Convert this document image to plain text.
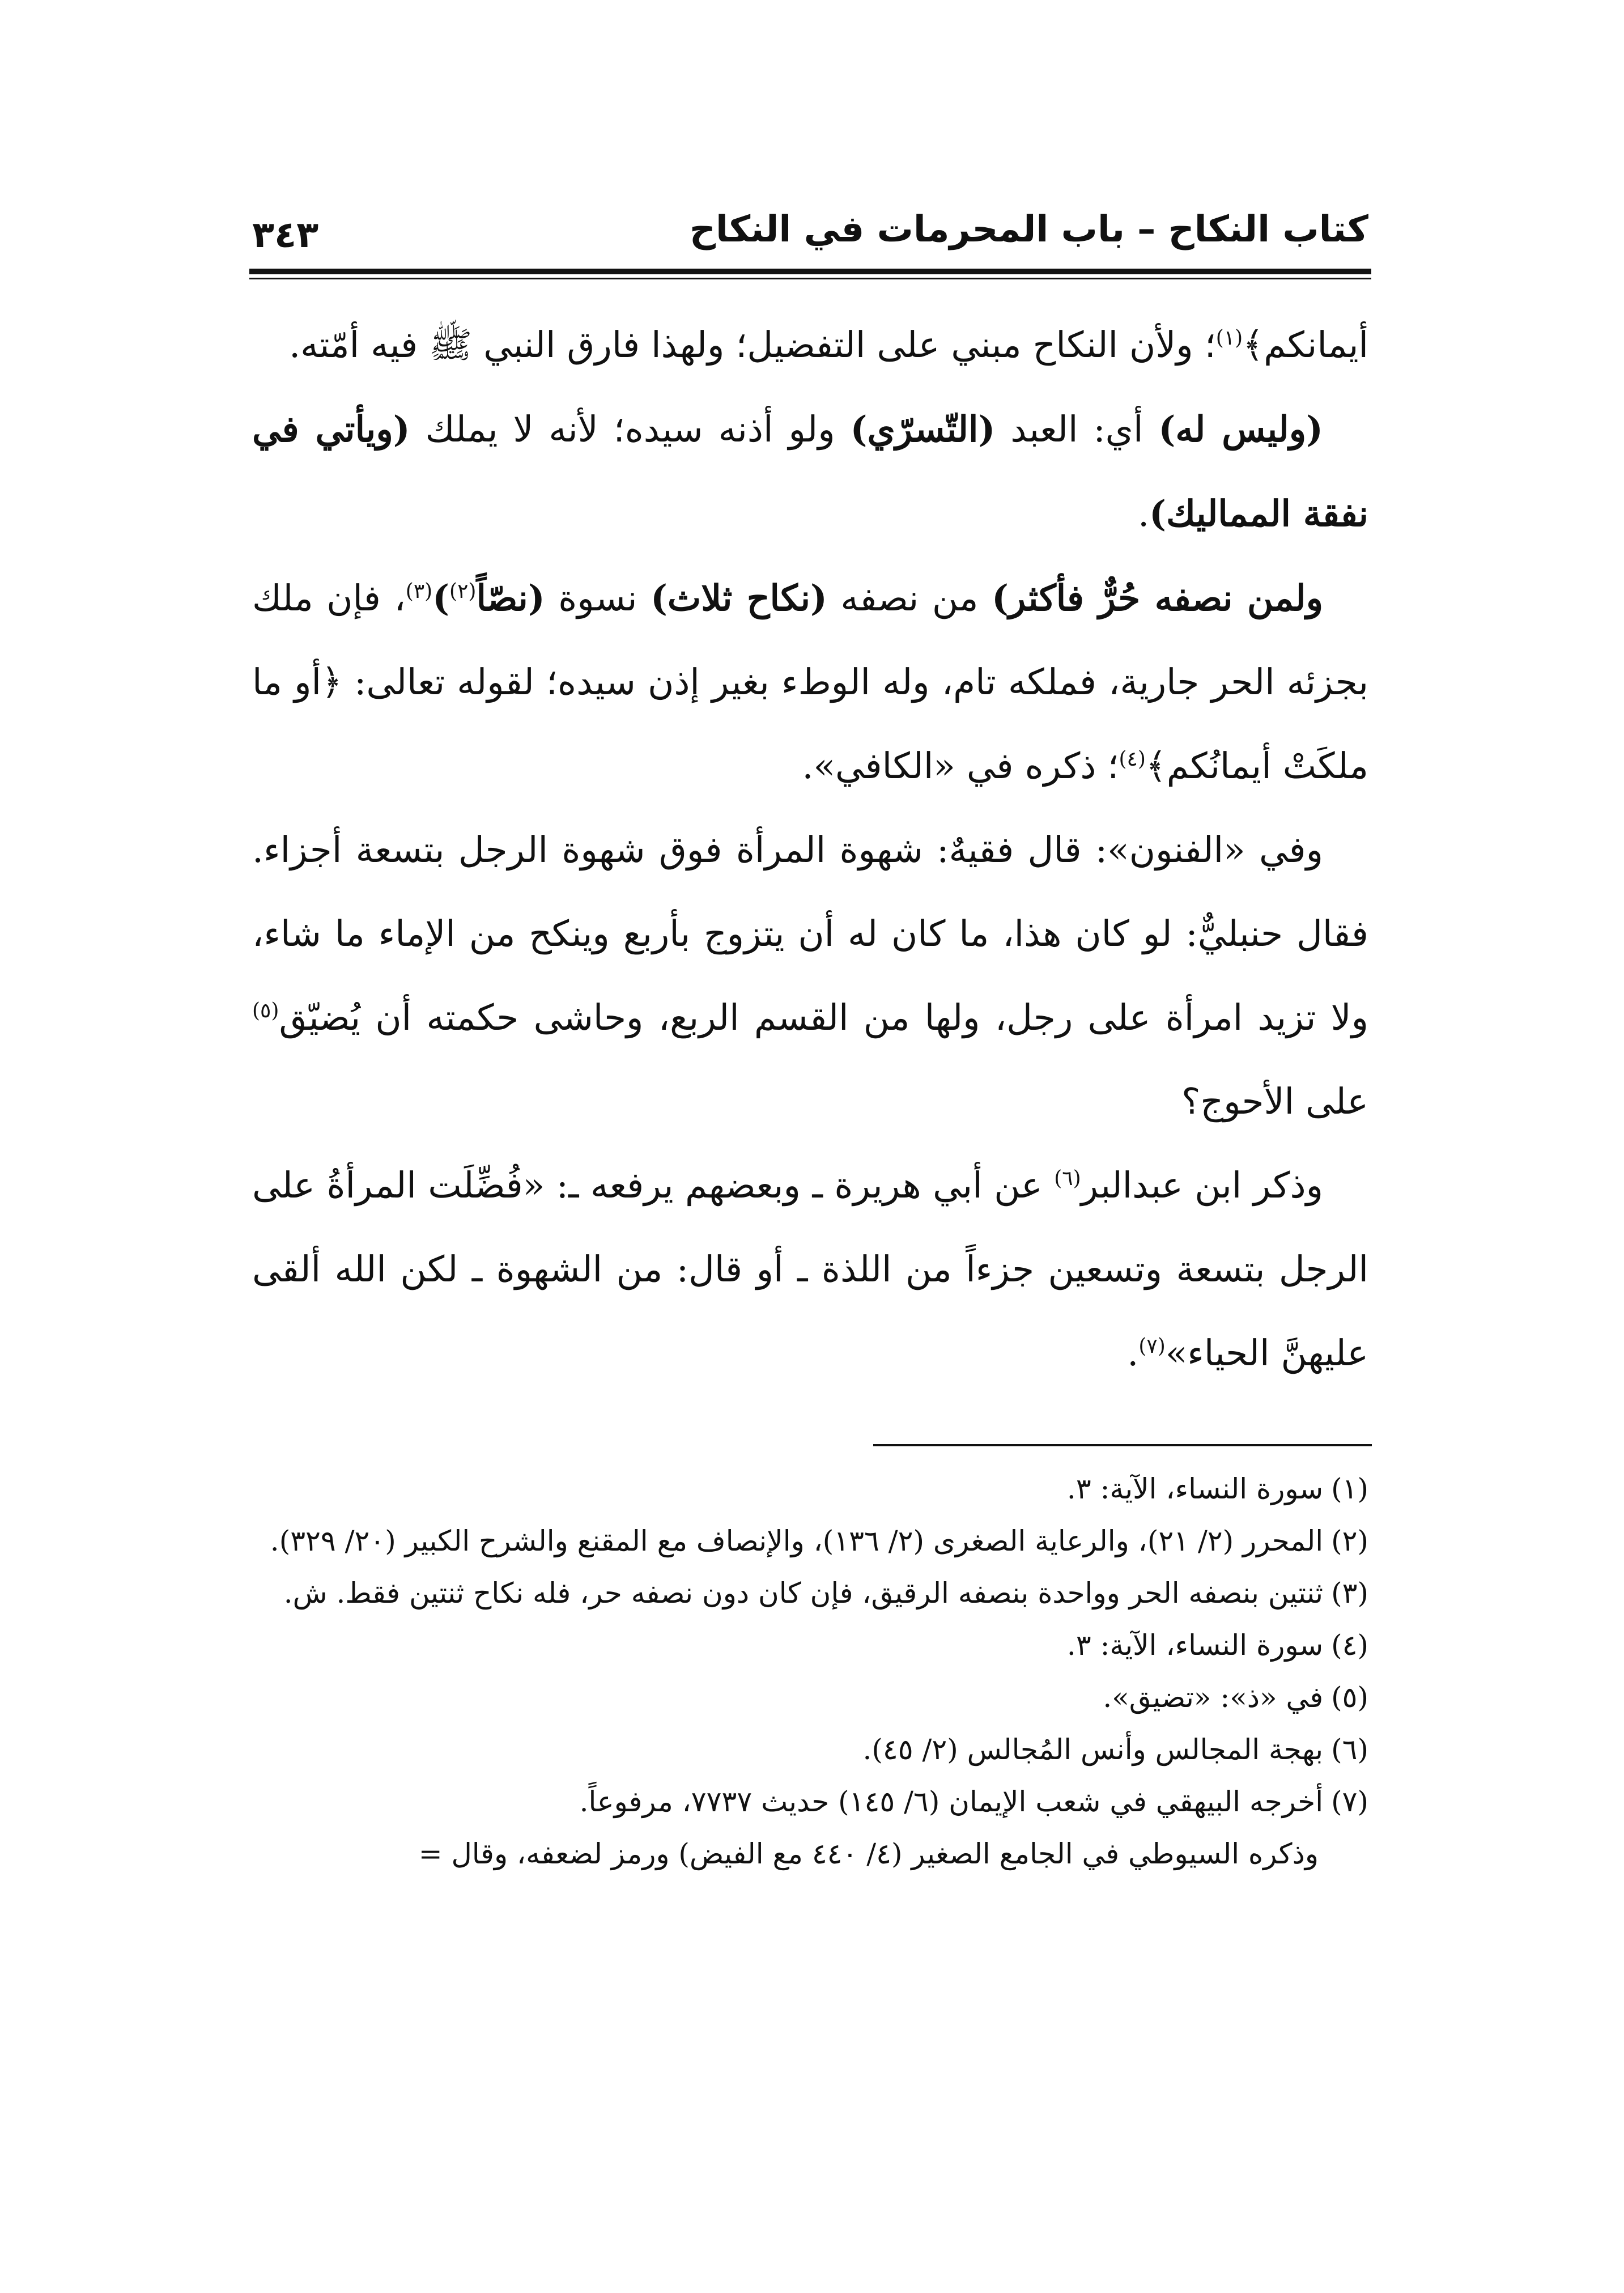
كتاب النكاح – باب المحرمات في النكاح
٣٤٣

أيمانكم﴾$^{(١)}$؛ ولأن النكاح مبني على التفضيل؛ ولهذا فارق النبي ﷺ فيه أمّته.

(وليس له) أي: العبد (التّسرّي) ولو أذنه سيده؛ لأنه لا يملك (ويأتي في نفقة المماليك).

ولمن نصفه حُرٌّ فأكثر) من نصفه (نكاح ثلاث) نسوة (نصّاً$^{(٢)}$)$^{(٣)}$، فإن ملك بجزئه الحر جارية، فملكه تام، وله الوطء بغير إذن سيده؛ لقوله تعالى: ﴿أو ما ملكَتْ أيمانُكم﴾$^{(٤)}$؛ ذكره في «الكافي».

وفي «الفنون»: قال فقيهٌ: شهوة المرأة فوق شهوة الرجل بتسعة أجزاء. فقال حنبليٌّ: لو كان هذا، ما كان له أن يتزوج بأربع وينكح من الإماء ما شاء، ولا تزيد امرأة على رجل، ولها من القسم الربع، وحاشى حكمته أن يُضيّق$^{(٥)}$ على الأحوج؟

وذكر ابن عبدالبر$^{(٦)}$ عن أبي هريرة ـ وبعضهم يرفعه ـ: «فُضِّلَت المرأةُ على الرجل بتسعة وتسعين جزءاً من اللذة ـ أو قال: من الشهوة ـ لكن الله ألقى عليهنَّ الحياء»$^{(٧)}$.

(١)سورة النساء، الآية: ٣.

(٢)المحرر (٢/ ٢١)، والرعاية الصغرى (٢/ ١٣٦)، والإنصاف مع المقنع والشرح الكبير (٢٠/ ٣٢٩).

(٣)ثنتين بنصفه الحر وواحدة بنصفه الرقيق، فإن كان دون نصفه حر، فله نكاح ثنتين فقط. ش.

(٤)سورة النساء، الآية: ٣.

(٥)في «ذ»: «تضيق».

(٦)بهجة المجالس وأنس المُجالس (٢/ ٤٥).

(٧)أخرجه البيهقي في شعب الإيمان (٦/ ١٤٥) حديث ٧٧٣٧، مرفوعاً.

وذكره السيوطي في الجامع الصغير (٤/ ٤٤٠ مع الفيض) ورمز لضعفه، وقال =
